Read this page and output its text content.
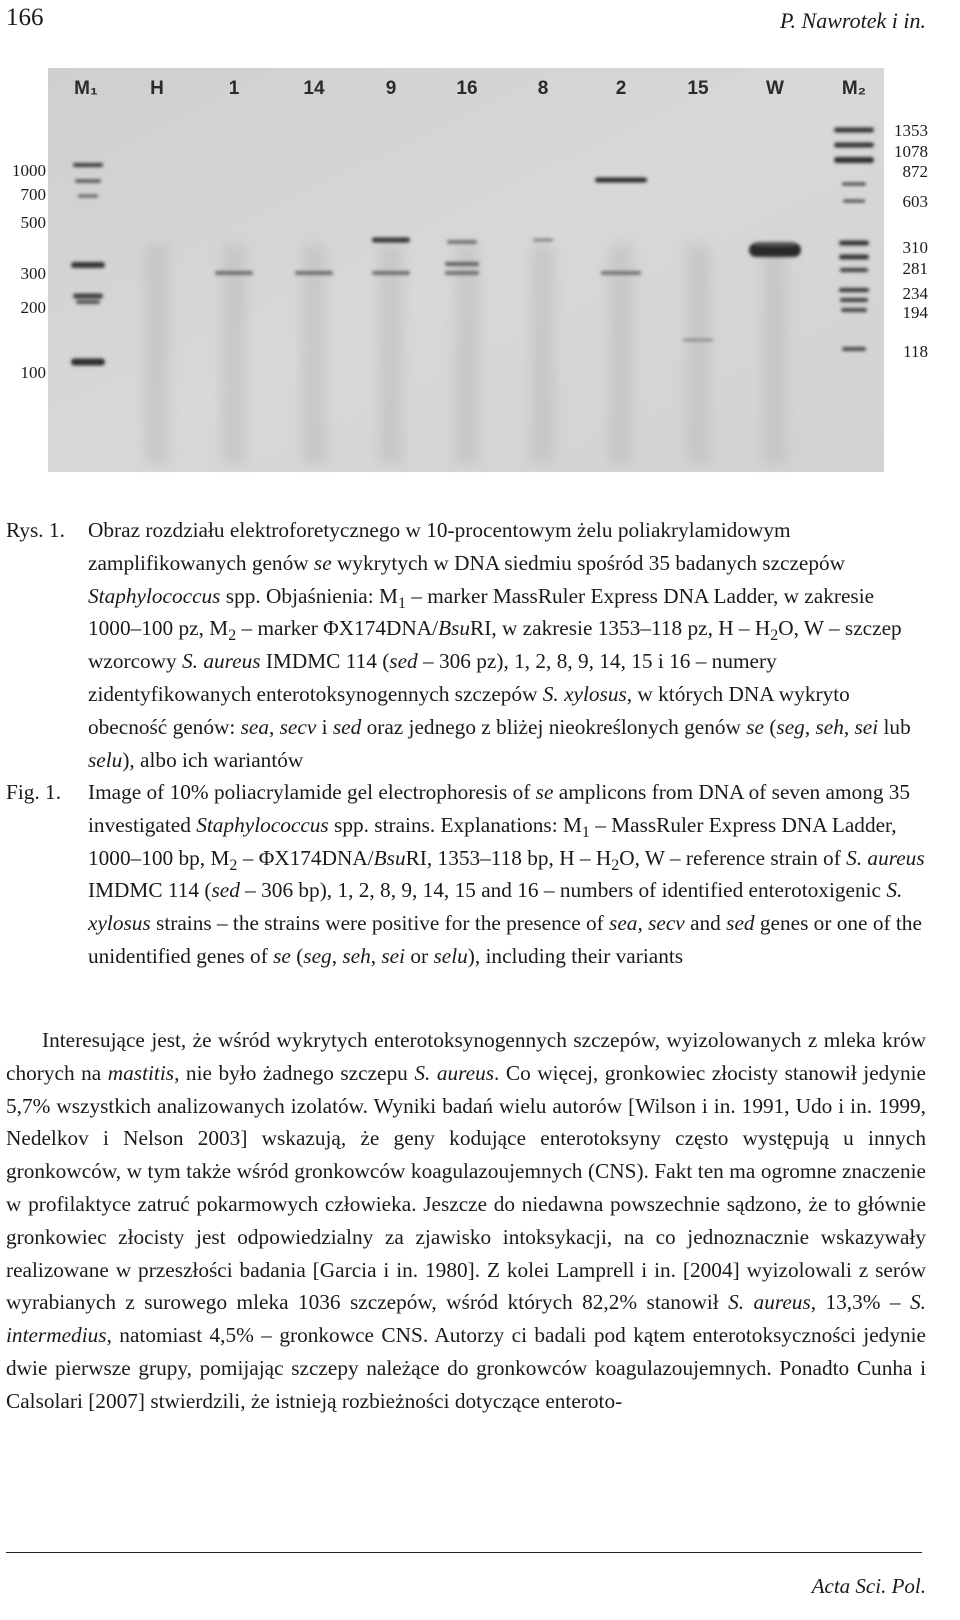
166	P. Nawrotek i in.
M₁	H	1	14	9	16	8	2	15	W	M₂
1000
700
500
300
200
100
1353
1078
872
603
310
281
234
194
118

Rys. 1. Obraz rozdziału elektroforetycznego w 10-procentowym żelu poliakrylamidowym zamplifikowanych genów se wykrytych w DNA siedmiu spośród 35 badanych szczepów Staphylococcus spp. Objaśnienia: $M_1$ – marker MassRuler Express DNA Ladder, w zakresie 1000–100 pz, $M_2$ – marker ΦX174DNA/BsuRI, w zakresie 1353–118 pz, H – $H_2O$, W – szczep wzorcowy S. aureus IMDMC 114 (sed – 306 pz), 1, 2, 8, 9, 14, 15 i 16 – numery zidentyfikowanych enterotoksynogennych szczepów S. xylosus, w których DNA wykryto obecność genów: sea, secv i sed oraz jednego z bliżej nieokreślonych genów se (seg, seh, sei lub selu), albo ich wariantów

Fig. 1. Image of 10% poliacrylamide gel electrophoresis of se amplicons from DNA of seven among 35 investigated Staphylococcus spp. strains. Explanations: $M_1$ – MassRuler Express DNA Ladder, 1000–100 bp, $M_2$ – ΦX174DNA/BsuRI, 1353–118 bp, H – $H_2O$, W – reference strain of S. aureus IMDMC 114 (sed – 306 bp), 1, 2, 8, 9, 14, 15 and 16 – numbers of identified enterotoxigenic S. xylosus strains – the strains were positive for the presence of sea, secv and sed genes or one of the unidentified genes of se (seg, seh, sei or selu), including their variants

Interesujące jest, że wśród wykrytych enterotoksynogennych szczepów, wyizolowanych z mleka krów chorych na mastitis, nie było żadnego szczepu S. aureus. Co więcej, gronkowiec złocisty stanowił jedynie 5,7% wszystkich analizowanych izolatów. Wyniki badań wielu autorów [Wilson i in. 1991, Udo i in. 1999, Nedelkov i Nelson 2003] wskazują, że geny kodujące enterotoksyny często występują u innych gronkowców, w tym także wśród gronkowców koagulazoujemnych (CNS). Fakt ten ma ogromne znaczenie w profilaktyce zatruć pokarmowych człowieka. Jeszcze do niedawna powszechnie sądzono, że to głównie gronkowiec złocisty jest odpowiedzialny za zjawisko intoksykacji, na co jednoznacznie wskazywały realizowane w przeszłości badania [Garcia i in. 1980]. Z kolei Lamprell i in. [2004] wyizolowali z serów wyrabianych z surowego mleka 1036 szczepów, wśród których 82,2% stanowił S. aureus, 13,3% – S. intermedius, natomiast 4,5% – gronkowce CNS. Autorzy ci badali pod kątem enterotoksyczności jedynie dwie pierwsze grupy, pomijając szczepy należące do gronkowców koagulazoujemnych. Ponadto Cunha i Calsolari [2007] stwierdzili, że istnieją rozbieżności dotyczące enteroto-

Acta Sci. Pol.
